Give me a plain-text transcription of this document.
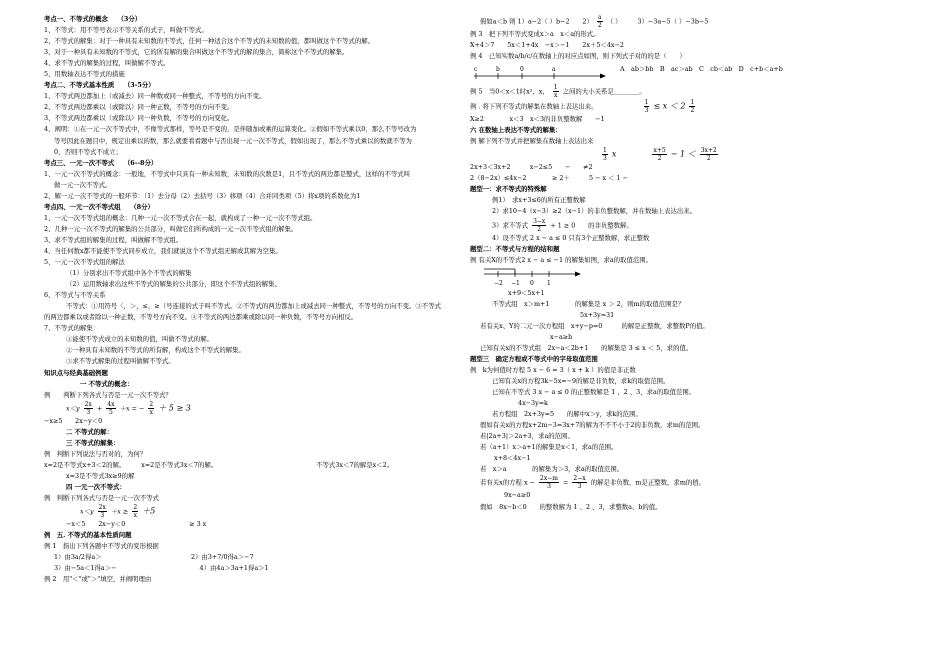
考点一、不等式的概念　　（3分）
1、不等式：用不等号表示不等关系的式子，叫做不等式。
2、不等式的解集：对于一种具有未知数的不等式，任何一种适合这个不等式的未知数的值，都叫做这个不等式的解。
3、对于一种具有未知数的不等式，它的所有解的集合叫做这个不等式的解的集合，简称这个不等式的解集。
4、求不等式的解集的过程，叫做解不等式。
5、用数轴表达不等式的措施
考点二、不等式基本性质　　（3-5分）
1、不等式两边都加上（或减去）同一种数或同一种整式，不等号的方向不变。
2、不等式两边都乘以（或除以）同一种正数，不等号的方向不变。
3、不等式两边都乘以（或除以）同一种负数，不等号的方向变化。
4、阐明：①在一元一次不等式中，不像等式那样，等号是不变的，是伴随加或乘的运算变化。②假如不等式乘以0，那么不等号改为
等号因此在题目中，规定出乘以的数，那么就要看看题中与否出现一元一次不等式，假如出现了，那么不等式乘以的数就不等为
0，否则不等式不成立；
考点三、一元一次不等式　　（6--8分）
1、一元一次不等式的概念：一般地，不等式中只具有一种未知数，未知数的次数是1，且不等式的两边都是整式，这样的不等式叫
做一元一次不等式。
2、解一元一次不等式的一般环节：（1）去分母（2）去括号（3）移项（4）合并同类项（5）将x项的系数化为1
考点四、一元一次不等式组　　（8分）
1、一元一次不等式组的概念：几种一元一次不等式合在一起，就构成了一种一元一次不等式组。
2、几种一元一次不等式的解集的公共部分，叫做它们所构成的一元一次不等式组的解集。
3、求不等式组的解集的过程，叫做解不等式组。
4、当任何数x都不能使不等式同步成立，我们就说这个不等式组无解或其解为空集。
5、一元一次不等式组的解法
（1）分别求出不等式组中各个不等式的解集
（2）运用数轴求出这些不等式的解集的公共部分，即这个不等式组的解集。
6、不等式与不等关系
不等式：①用符号〈，＞，≤，≥（号连接的式子叫不等式。②不等式的两边都加上或减去同一种整式，不等号的方向不变。③不等式
的两边都乘以或者除以一种正数，不等号方向不变。④不等式的两边都乘或除以同一种负数，不等号方向相反。
7、不等式的解集：
①能使不等式成立的未知数的值，叫做不等式的解。
②一种具有未知数的不等式的所有解，构成这个不等式的解集。
③求不等式解集的过程叫做解不等式。
知识点与经典基础例题
一 不等式的概念：
例　　判断下列各式与否是一元一次不等式？
$x<y \frac{2x}{3} + \frac{4x}{5} +x$ = − $\frac{2}{x} + 5 \ge 3$
−x≥5　　2x−y＜0
二 不等式的解：
三 不等式的解集：
例　判断下列说法与否对的，为何？
x=2是不等式x+3＜2的解。　　　x=2是不等式3x＜7的解。　　　　　　　　　　　　　　　　不等式3x＜7的解是x＜2。
x=3是不等式3x≥9的解
四 一元一次不等式：
例　判断下列各式与否是一元一次不等式
$x<y \frac{2x}{3} +x \ge \frac{2}{x} +5$
−x＜5　　2x−y＜0　　　　　　　　　　≥ 3 x
例　五. 不等式的基本性质问题
例 1　指出下列各题中不等式的变形根据
1）由3a/2得a＞　　　　　　　　　　　　　　2）由3+7/0得a＞−7
3）由−5a＜1得a＞−　　　　　　　　　　　　　4）由4a＞3a+1得a＞1
例 2　用"＜"或"＞"填空，并阐明理由
假如a＜b 则 1）a−2（ ）b−2　　$2) \frac{a}{2}$ （ ）　　　3）−3a−5（ ）−3b−5
例 3　把下列不等式变成x＞a　x＜a的形式。
X+4＞7　　5x＜1+4x　−x＞−1　　2x＋5＜4x−2
例 4　已知实数a/b/c/在数轴上的对应点如图，则下列式子对的的是（　　）
c	b	0	a	A　ab＞bb　B　ac＞ab　C　cb＜ab　D　c+b＜a+b
例 5　当0＜x＜1时x²，x， $\frac{1}{x}$ 之间的大小关系是________。
例 . 将下列不等式的解集在数轴上表达出来。	$\frac{1}{3} \le x < 2 \frac{1}{2}$
X≥2　　　　x＜3　x＜3的非负整数解　　−1
六 在数轴上表达不等式的解集：
例 解下列不等式并把解集在数轴上表达出来
$\frac{1}{3}$ x	$\frac{x+5}{2} - 1 < \frac{3x+2}{2}$
2x+3＜3x+2　　　x−2≤5　　−　　≠2
2（8−2x）≤4x−2　　　　≥ 2＋　　　5 − x ＜ 1 −
题型一：求不等式的特殊解
例1）　求x+3≤6的所有正整数解
2）求10−4（x−3）≥2（x−1）的非负整数解，并在数轴上表达出来。
3）求不等式 $\frac{3-x}{2} + 1 \ge 0$　　的非负整数解。
4）设不等式 2 x − a ≤ 0 只有3个正整数解，求正整数
题型二：不等式与方程的结和题
例 有关X的不等式2 x − a ≤ −1 的解集如图，求a的取值范围。
−2 −1 0 1
x+9＜5x+1
不等式组　x＞m+1　　　　的解集是 x ＞ 2，则m的取值范围是？
5x+3y=31
若有关x、Y的二元一次方程组　x+y−p=0　　　的解是正整数，求整数P的值。
x−a≥b
已知有关x的不等式组　2x−a＜2b+1　　的解集是 3 ≤ x ＜ 5，求的值。
题型三　确定方程或不等式中的字母取值范围
例　k为何值时方程 5 x − 6 = 3（ x + k ）的值是非正数
已知有关x的方程3k−5x=−9的解是非负数，求k的取值范围。
已知在不等式 3 x − a ≤ 0 的正整数解是 1 、2 、3，求a的取值范围。
4x−3y=k
若方程组　2x+3y=5　　的解中x＞y，求k的范围。
假如有关x的方程x+2m−3=3x+7的解为不不不小于2的非负数，求m的范围。
若|2a+3|＞2a+3，求a的范围。
若（a+1）x＞a+1的解集是x＜1，求a的范围。
x+8＜4x−1
若　x＞a　　　　的解集为＞3，求a的取值范围。
若有关x的方程 $x - \frac{2x-m}{3} = \frac{2-x}{3}$ 的解是非负数，m是正整数，求m的值。
9x−a≥0
假如　8x−b＜0　　的整数解为 1 、2 、3，求整数a、b的值。
